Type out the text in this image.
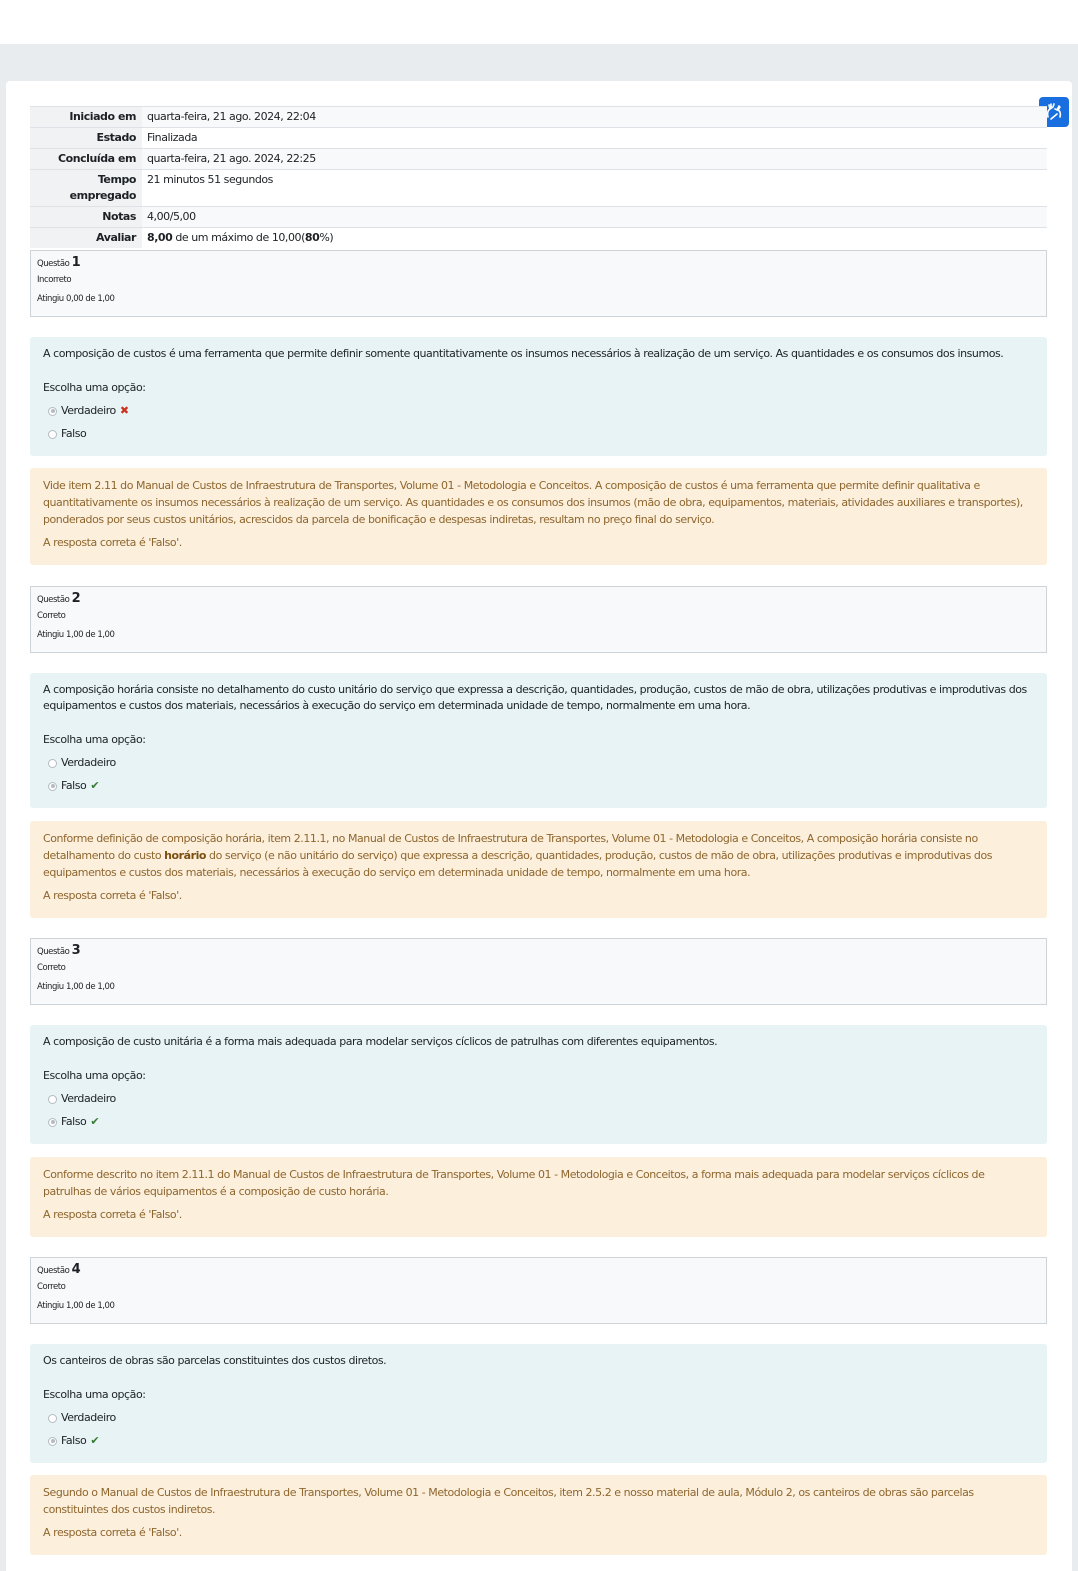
Iniciado em	quarta-feira, 21 ago. 2024, 22:04
Estado	Finalizada
Concluída em	quarta-feira, 21 ago. 2024, 22:25
Tempo empregado	21 minutos 51 segundos
Notas	4,00/5,00
Avaliar	8,00 de um máximo de 10,00(80%)
Questão 1
Incorreto
Atingiu 0,00 de 1,00
A composição de custos é uma ferramenta que permite definir somente quantitativamente os insumos necessários à realização de um serviço. As quantidades e os consumos dos insumos.
Escolha uma opção:
Verdadeiro ✖
Falso
Vide item 2.11 do Manual de Custos de Infraestrutura de Transportes, Volume 01 - Metodologia e Conceitos. A composição de custos é uma ferramenta que permite definir qualitativa e quantitativamente os insumos necessários à realização de um serviço. As quantidades e os consumos dos insumos (mão de obra, equipamentos, materiais, atividades auxiliares e transportes), ponderados por seus custos unitários, acrescidos da parcela de bonificação e despesas indiretas, resultam no preço final do serviço.
A resposta correta é 'Falso'.
Questão 2
Correto
Atingiu 1,00 de 1,00
A composição horária consiste no detalhamento do custo unitário do serviço que expressa a descrição, quantidades, produção, custos de mão de obra, utilizações produtivas e improdutivas dos equipamentos e custos dos materiais, necessários à execução do serviço em determinada unidade de tempo, normalmente em uma hora.
Escolha uma opção:
Verdadeiro
Falso ✔
Conforme definição de composição horária, item 2.11.1, no Manual de Custos de Infraestrutura de Transportes, Volume 01 - Metodologia e Conceitos, A composição horária consiste no detalhamento do custo horário do serviço (e não unitário do serviço) que expressa a descrição, quantidades, produção, custos de mão de obra, utilizações produtivas e improdutivas dos equipamentos e custos dos materiais, necessários à execução do serviço em determinada unidade de tempo, normalmente em uma hora.
A resposta correta é 'Falso'.
Questão 3
Correto
Atingiu 1,00 de 1,00
A composição de custo unitária é a forma mais adequada para modelar serviços cíclicos de patrulhas com diferentes equipamentos.
Escolha uma opção:
Verdadeiro
Falso ✔
Conforme descrito no item 2.11.1 do Manual de Custos de Infraestrutura de Transportes, Volume 01 - Metodologia e Conceitos, a forma mais adequada para modelar serviços cíclicos de patrulhas de vários equipamentos é a composição de custo horária.
A resposta correta é 'Falso'.
Questão 4
Correto
Atingiu 1,00 de 1,00
Os canteiros de obras são parcelas constituintes dos custos diretos.
Escolha uma opção:
Verdadeiro
Falso ✔
Segundo o Manual de Custos de Infraestrutura de Transportes, Volume 01 - Metodologia e Conceitos, item 2.5.2 e nosso material de aula, Módulo 2, os canteiros de obras são parcelas constituintes dos custos indiretos.
A resposta correta é 'Falso'.
